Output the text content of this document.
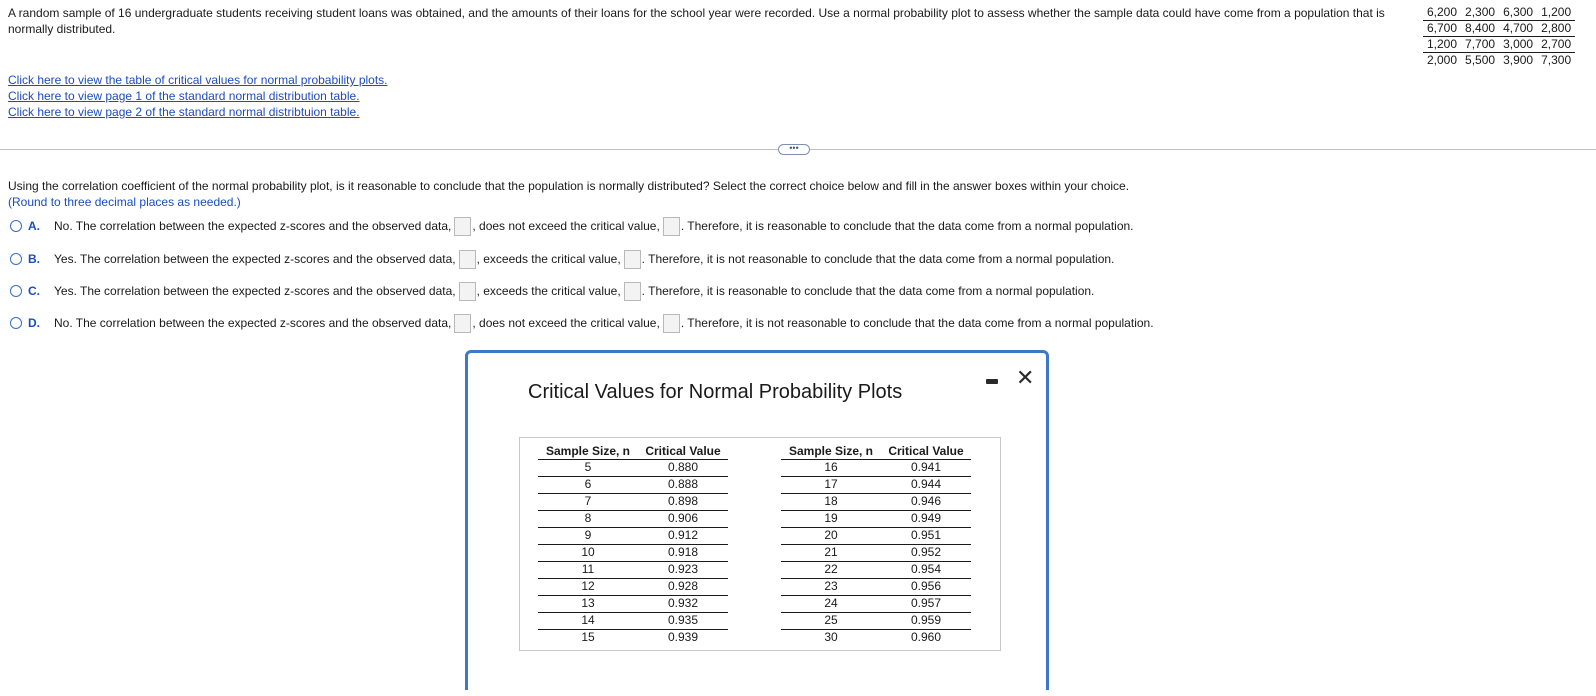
A random sample of 16 undergraduate students receiving student loans was obtained, and the amounts of their loans for the school year were recorded. Use a normal probability plot to assess whether the sample data could have come from a population that is normally distributed.
6,200	2,300	6,300	1,200
6,700	8,400	4,700	2,800
1,200	7,700	3,000	2,700
2,000	5,500	3,900	7,300
Click here to view the table of critical values for normal probability plots.
Click here to view page 1 of the standard normal distribution table.
Click here to view page 2 of the standard normal distribtuion table.
•••
Using the correlation coefficient of the normal probability plot, is it reasonable to conclude that the population is normally distributed? Select the correct choice below and fill in the answer boxes within your choice.
(Round to three decimal places as needed.)
A.	No. The correlation between the expected z-scores and the observed data, , does not exceed the critical value, . Therefore, it is reasonable to conclude that the data come from a normal population.
B.	Yes. The correlation between the expected z-scores and the observed data, , exceeds the critical value, . Therefore, it is not reasonable to conclude that the data come from a normal population.
C.	Yes. The correlation between the expected z-scores and the observed data, , exceeds the critical value, . Therefore, it is reasonable to conclude that the data come from a normal population.
D.	No. The correlation between the expected z-scores and the observed data, , does not exceed the critical value, . Therefore, it is not reasonable to conclude that the data come from a normal population.
Critical Values for Normal Probability Plots
✕
Sample Size, n	Critical Value
5	0.880
6	0.888
7	0.898
8	0.906
9	0.912
10	0.918
11	0.923
12	0.928
13	0.932
14	0.935
15	0.939
Sample Size, n	Critical Value
16	0.941
17	0.944
18	0.946
19	0.949
20	0.951
21	0.952
22	0.954
23	0.956
24	0.957
25	0.959
30	0.960
